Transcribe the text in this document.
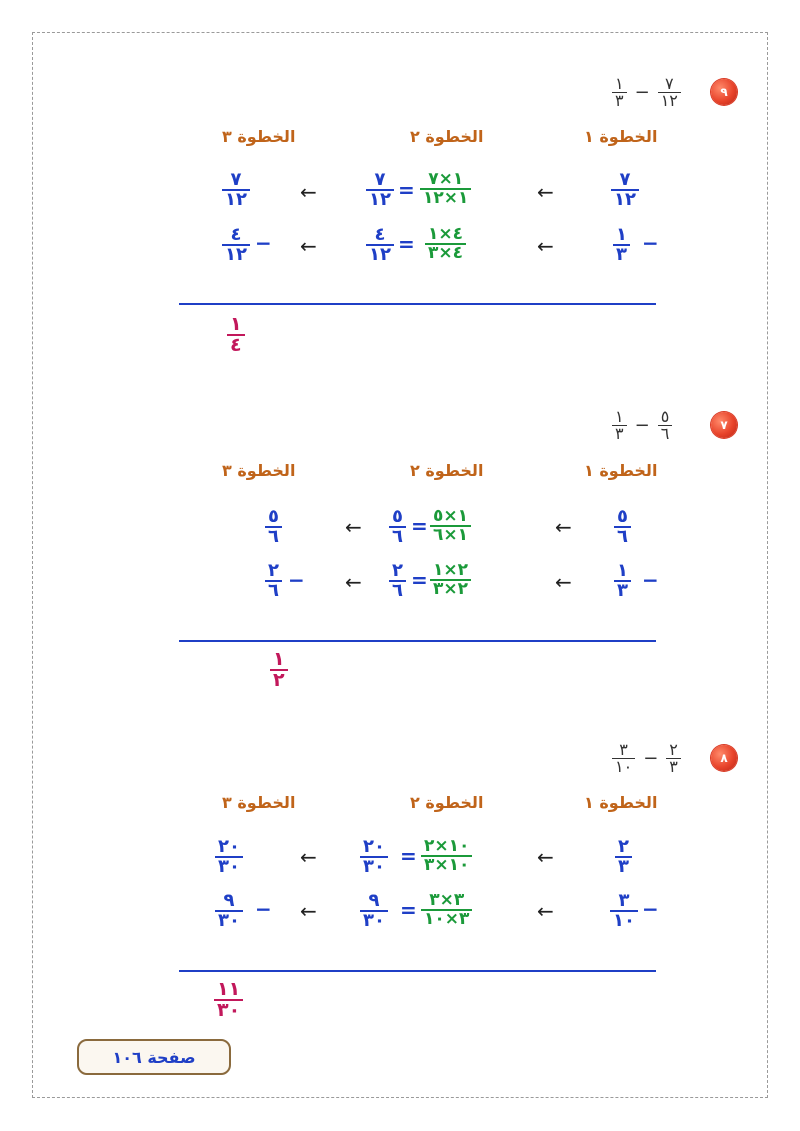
٩
$\frac{١}{٣} - \frac{٧}{١٢}$
الخطوة ١
الخطوة ٢
الخطوة ٣
٧
١٢
←
١×٧
١×١٢
=
٧
١٢
←
٧
١٢
−
١
٣
←
٤×١
٤×٣
=
٤
١٢
←
−
٤
١٢
١
٤
٧
$\frac{١}{٣} - \frac{٥}{٦}$
الخطوة ١
الخطوة ٢
الخطوة ٣
٥
٦
←
١×٥
١×٦
=
٥
٦
←
٥
٦
−
١
٣
←
٢×١
٢×٣
=
٢
٦
←
−
٢
٦
١
٢
٨
$\frac{٣}{١٠} - \frac{٢}{٣}$
الخطوة ١
الخطوة ٢
الخطوة ٣
٢
٣
←
١٠×٢
١٠×٣
=
٢٠
٣٠
←
٢٠
٣٠
−
٣
١٠
←
٣×٣
٣×١٠
=
٩
٣٠
←
−
٩
٣٠
١١
٣٠
صفحة ١٠٦
